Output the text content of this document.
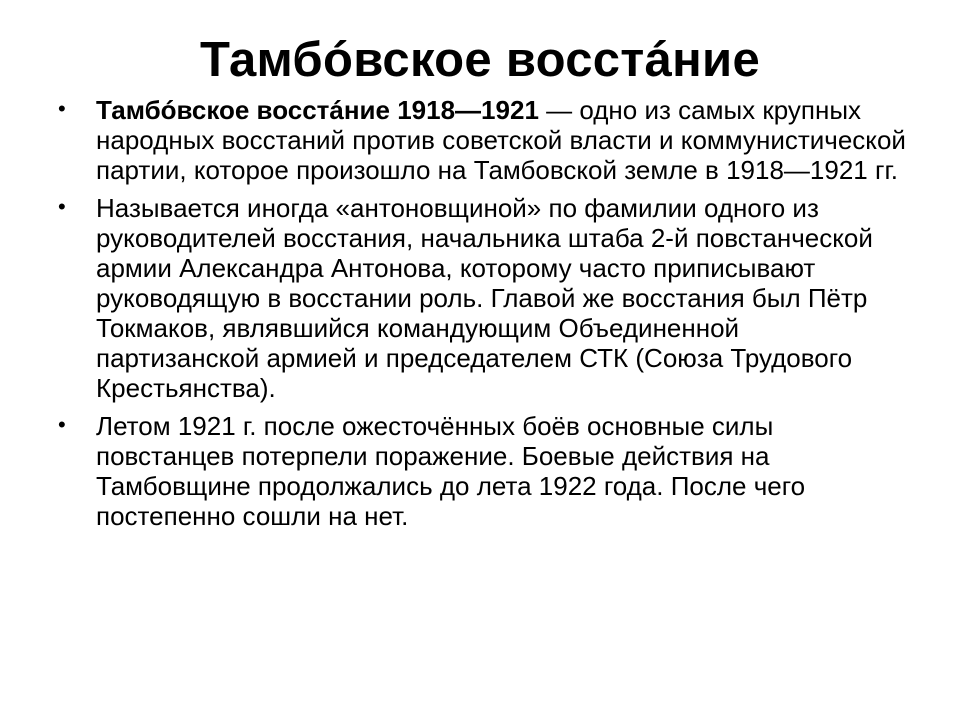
Тамбóвское восстáние
• Тамбóвское восстáние 1918—1921 — одно из самых крупных народных восстаний против советской власти и коммунистической партии, которое произошло на Тамбовской земле в 1918—1921 гг.
• Называется иногда «антоновщиной» по фамилии одного из руководителей восстания, начальника штаба 2-й повстанческой армии Александра Антонова, которому часто приписывают руководящую в восстании роль. Главой же восстания был Пётр Токмаков, являвшийся командующим Объединенной партизанской армией и председателем СТК (Союза Трудового Крестьянства).
• Летом 1921 г. после ожесточённых боёв основные силы повстанцев потерпели поражение. Боевые действия на Тамбовщине продолжались до лета 1922 года. После чего постепенно сошли на нет.
